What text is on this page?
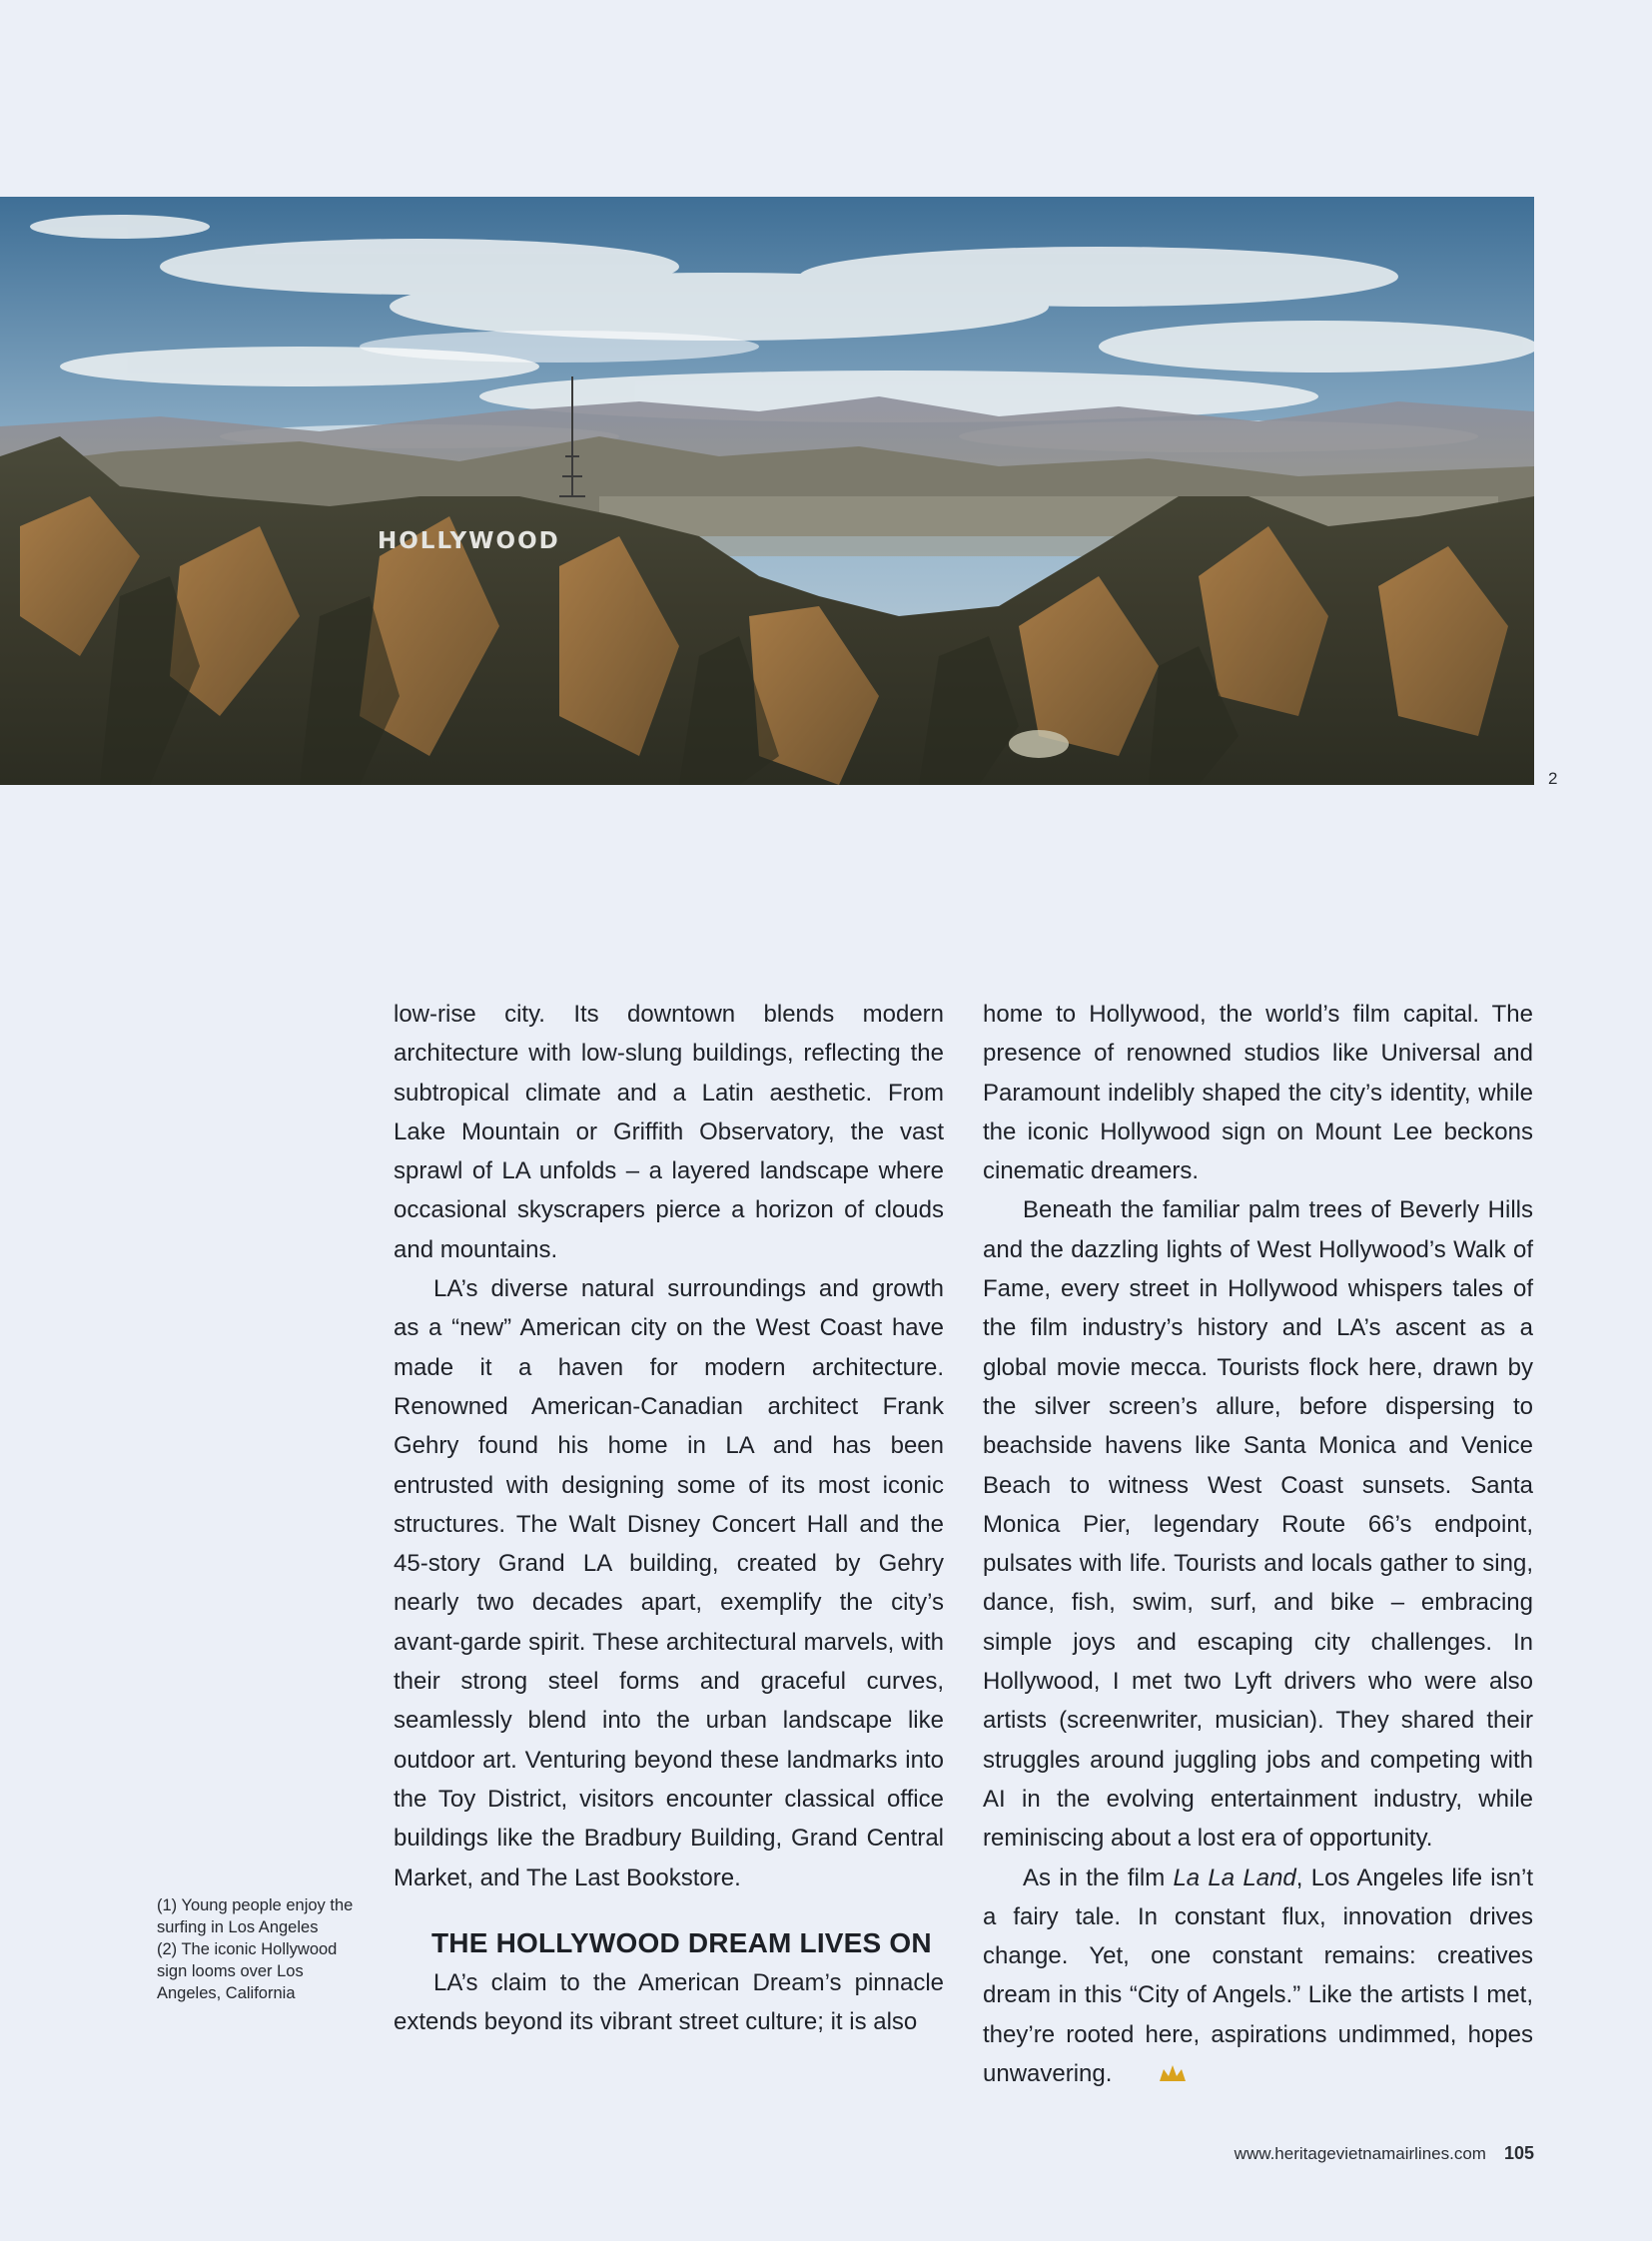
HOLLYWOOD
2
(1) Young people enjoy the surfing in Los Angeles
(2) The iconic Hollywood sign looms over Los Angeles, California

low-rise city. Its downtown blends modern architecture with low-slung buildings, reflecting the subtropical climate and a Latin aesthetic. From Lake Mountain or Griffith Observatory, the vast sprawl of LA unfolds – a layered landscape where occasional skyscrapers pierce a horizon of clouds and mountains.

LA’s diverse natural surroundings and growth as a “new” American city on the West Coast have made it a haven for modern architecture. Renowned American-Canadian architect Frank Gehry found his home in LA and has been entrusted with designing some of its most iconic structures. The Walt Disney Concert Hall and the 45-story Grand LA building, created by Gehry nearly two decades apart, exemplify the city’s avant-garde spirit. These architectural marvels, with their strong steel forms and graceful curves, seamlessly blend into the urban landscape like outdoor art. Venturing beyond these landmarks into the Toy District, visitors encounter classical office buildings like the Bradbury Building, Grand Central Market, and The Last Bookstore.

THE HOLLYWOOD DREAM LIVES ON

LA’s claim to the American Dream’s pinnacle extends beyond its vibrant street culture; it is also

home to Hollywood, the world’s film capital. The presence of renowned studios like Universal and Paramount indelibly shaped the city’s identity, while the iconic Hollywood sign on Mount Lee beckons cinematic dreamers.

Beneath the familiar palm trees of Beverly Hills and the dazzling lights of West Hollywood’s Walk of Fame, every street in Hollywood whispers tales of the film industry’s history and LA’s ascent as a global movie mecca. Tourists flock here, drawn by the silver screen’s allure, before dispersing to beachside havens like Santa Monica and Venice Beach to witness West Coast sunsets. Santa Monica Pier, legendary Route 66’s endpoint, pulsates with life. Tourists and locals gather to sing, dance, fish, swim, surf, and bike – embracing simple joys and escaping city challenges. In Hollywood, I met two Lyft drivers who were also artists (screenwriter, musician). They shared their struggles around juggling jobs and competing with AI in the evolving entertainment industry, while reminiscing about a lost era of opportunity.

As in the film La La Land, Los Angeles life isn’t a fairy tale. In constant flux, innovation drives change. Yet, one constant remains: creatives dream in this “City of Angels.” Like the artists I met, they’re rooted here, aspirations undimmed, hopes unwavering.

www.heritagevietnamairlines.com 105
